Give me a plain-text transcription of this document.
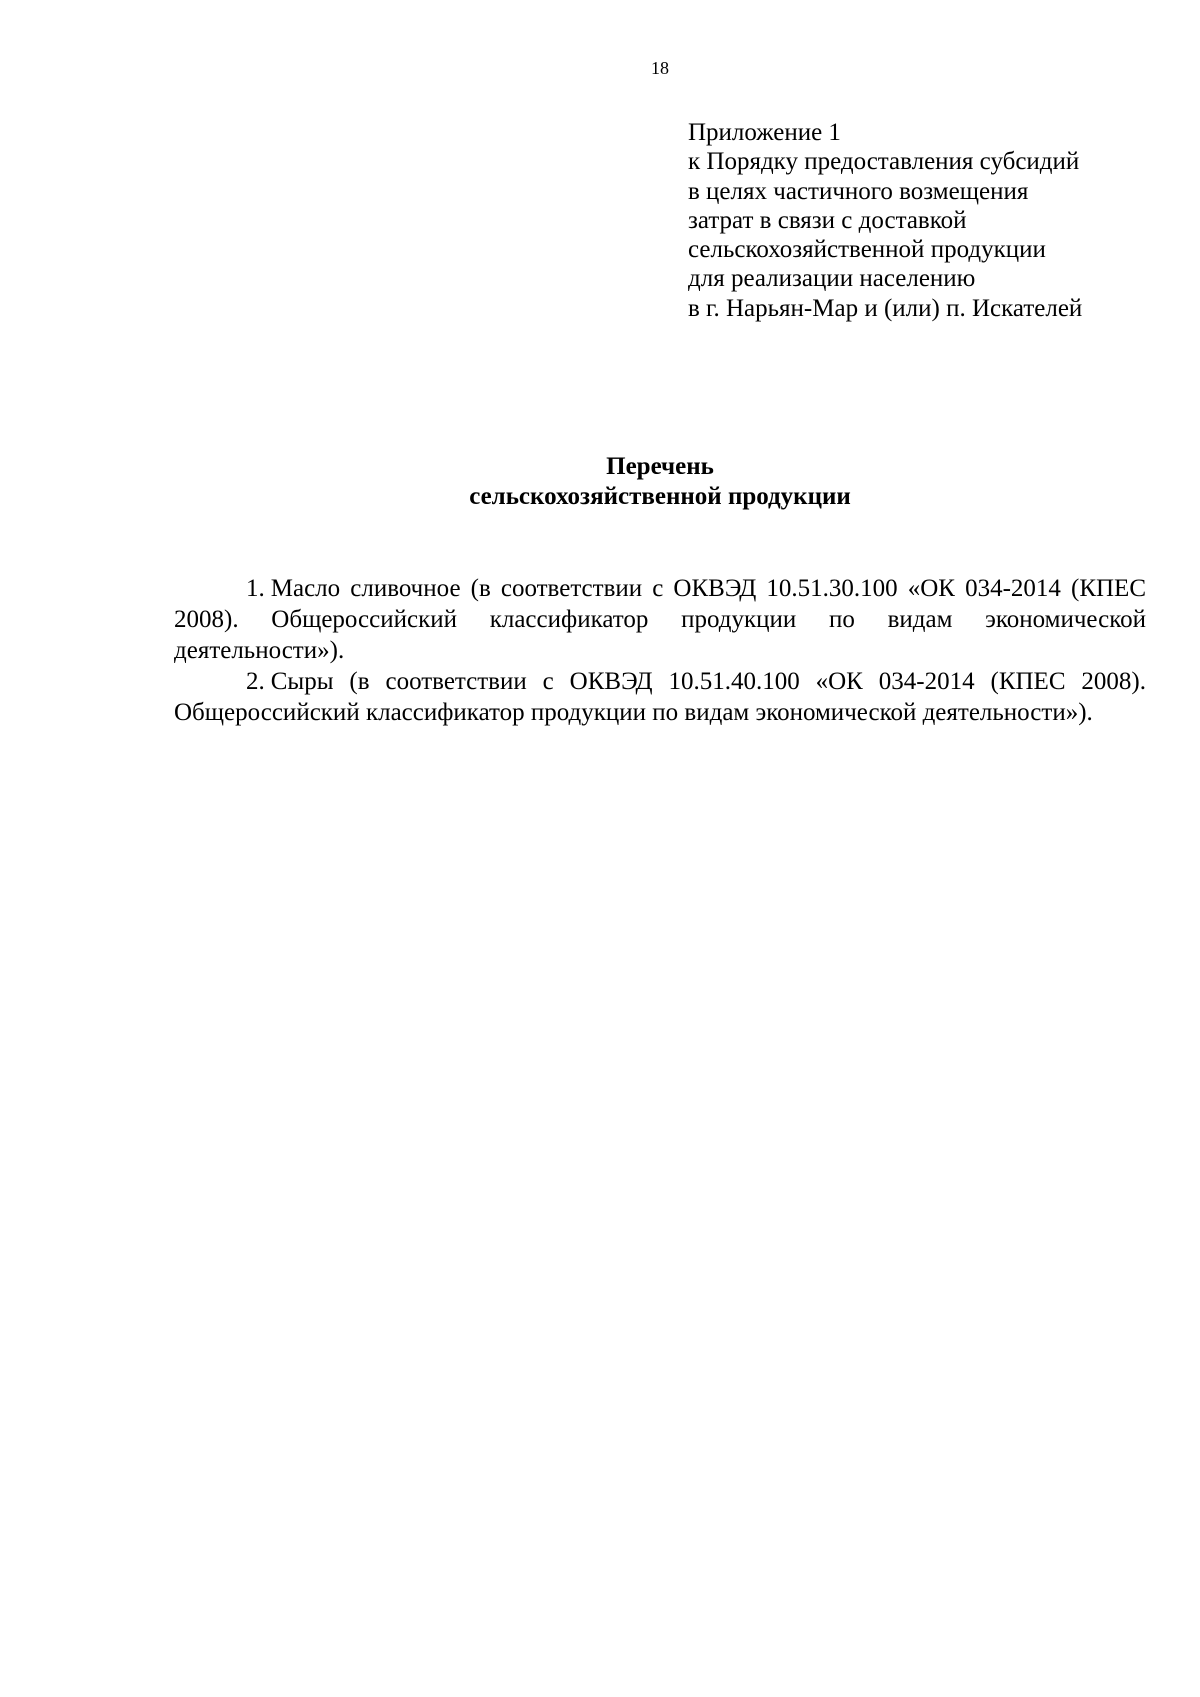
18
Приложение 1
к Порядку предоставления субсидий
в целях частичного возмещения
затрат в связи с доставкой
сельскохозяйственной продукции
для реализации населению
в г. Нарьян-Мар и (или) п. Искателей
Перечень
сельскохозяйственной продукции

1. Масло сливочное (в соответствии с ОКВЭД 10.51.30.100 «ОК 034-2014 (КПЕС 2008). Общероссийский классификатор продукции по видам экономической деятельности»).

2. Сыры (в соответствии с ОКВЭД 10.51.40.100 «ОК 034-2014 (КПЕС 2008). Общероссийский классификатор продукции по видам экономической деятельности»).
